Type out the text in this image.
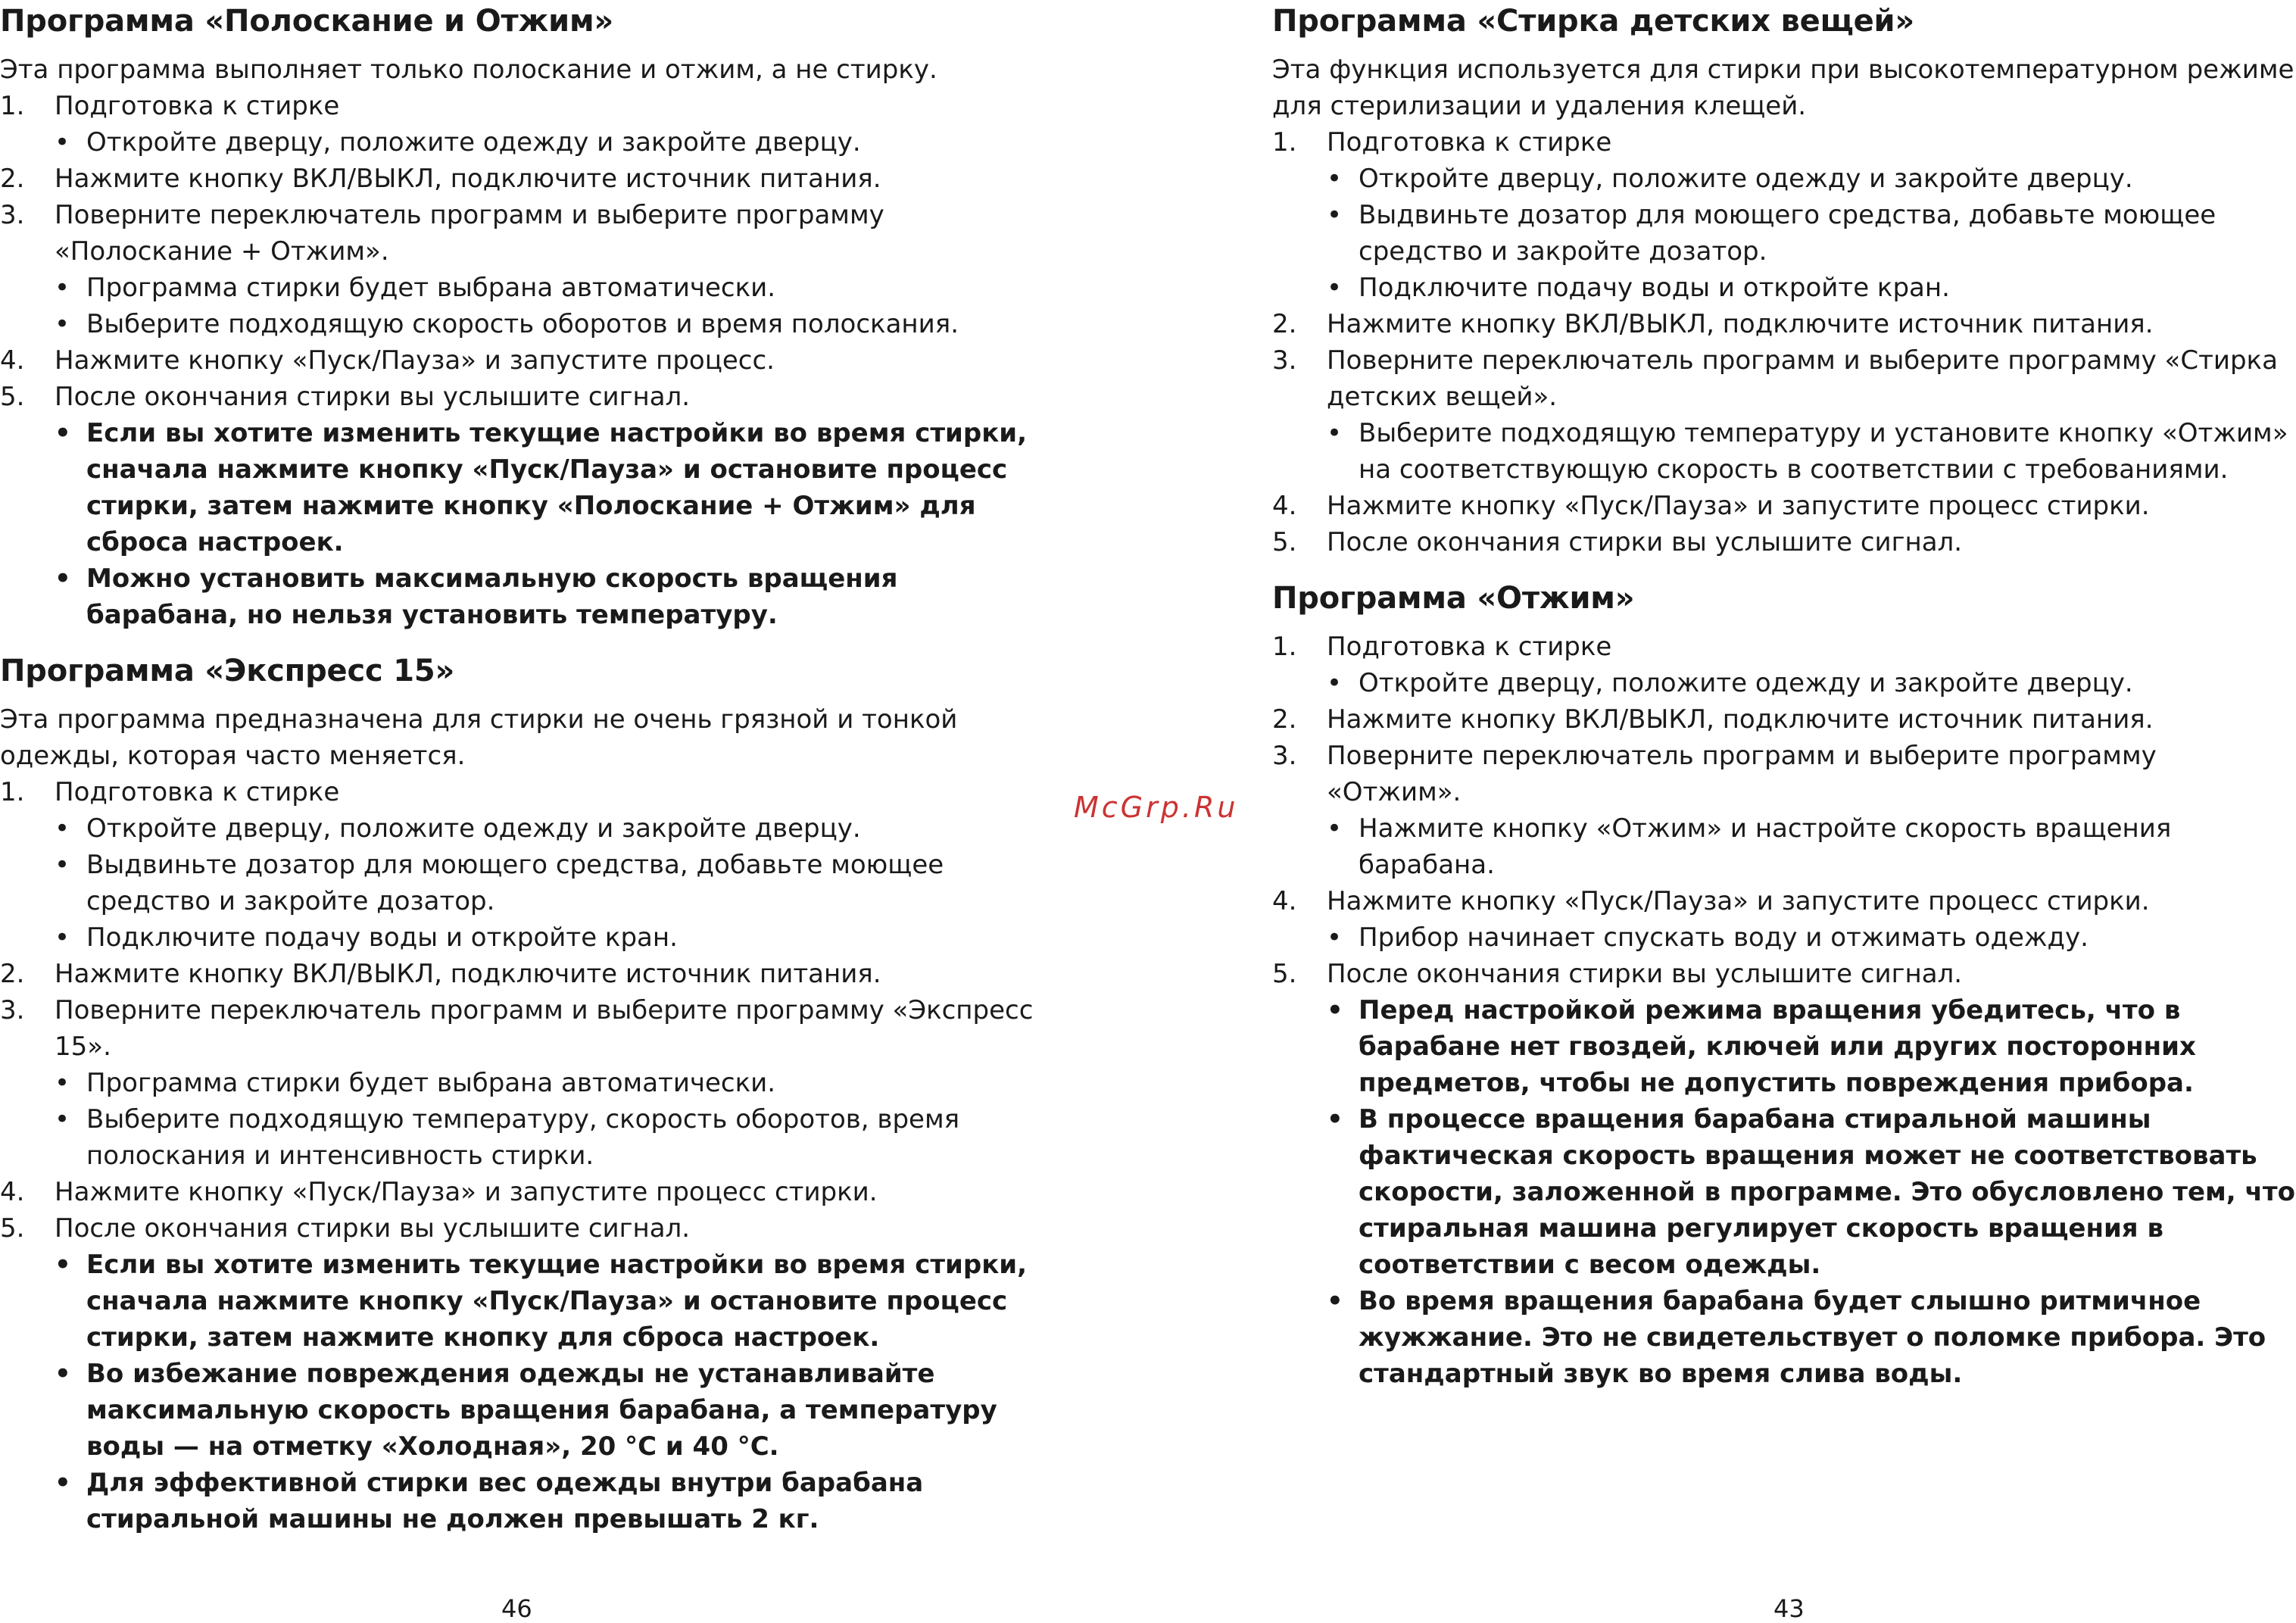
Программа «Полоскание и Отжим»

Эта программа выполняет только полоскание и отжим, а не стирку.

1.	Подготовка к стирке
• Откройте дверцу, положите одежду и закройте дверцу.
2.	Нажмите кнопку ВКЛ/ВЫКЛ, подключите источник питания.
3.	Поверните переключатель программ и выберите программу «Полоскание + Отжим».
• Программа стирки будет выбрана автоматически.
• Выберите подходящую скорость оборотов и время полоскания.
4.	Нажмите кнопку «Пуск/Пауза» и запустите процесс.
5.	После окончания стирки вы услышите сигнал.
• Если вы хотите изменить текущие настройки во время стирки, сначала нажмите кнопку «Пуск/Пауза» и остановите процесс стирки, затем нажмите кнопку «Полоскание + Отжим» для сброса настроек.
• Можно установить максимальную скорость вращения барабана, но нельзя установить температуру.
Программа «Экспресс 15»

Эта программа предназначена для стирки не очень грязной и тонкой одежды, которая часто меняется.

1.	Подготовка к стирке
• Откройте дверцу, положите одежду и закройте дверцу.
• Выдвиньте дозатор для моющего средства, добавьте моющее средство и закройте дозатор.
• Подключите подачу воды и откройте кран.
2.	Нажмите кнопку ВКЛ/ВЫКЛ, подключите источник питания.
3.	Поверните переключатель программ и выберите программу «Экспресс 15».
• Программа стирки будет выбрана автоматически.
• Выберите подходящую температуру, скорость оборотов, время полоскания и интенсивность стирки.
4.	Нажмите кнопку «Пуск/Пауза» и запустите процесс стирки.
5.	После окончания стирки вы услышите сигнал.
• Если вы хотите изменить текущие настройки во время стирки, сначала нажмите кнопку «Пуск/Пауза» и остановите процесс стирки, затем нажмите кнопку для сброса настроек.
• Во избежание повреждения одежды не устанавливайте максимальную скорость вращения барабана, а температуру воды — на отметку «Холодная», 20 °С и 40 °С.
• Для эффективной стирки вес одежды внутри барабана стиральной машины не должен превышать 2 кг.
Программа «Стирка детских вещей»

Эта функция используется для стирки при высокотемпературном режиме для стерилизации и удаления клещей.

1.	Подготовка к стирке
• Откройте дверцу, положите одежду и закройте дверцу.
• Выдвиньте дозатор для моющего средства, добавьте моющее средство и закройте дозатор.
• Подключите подачу воды и откройте кран.
2.	Нажмите кнопку ВКЛ/ВЫКЛ, подключите источник питания.
3.	Поверните переключатель программ и выберите программу «Стирка детских вещей».
• Выберите подходящую температуру и установите кнопку «Отжим» на соответствующую скорость в соответствии с требованиями.
4.	Нажмите кнопку «Пуск/Пауза» и запустите процесс стирки.
5.	После окончания стирки вы услышите сигнал.
Программа «Отжим»
1.	Подготовка к стирке
• Откройте дверцу, положите одежду и закройте дверцу.
2.	Нажмите кнопку ВКЛ/ВЫКЛ, подключите источник питания.
3.	Поверните переключатель программ и выберите программу «Отжим».
• Нажмите кнопку «Отжим» и настройте скорость вращения барабана.
4.	Нажмите кнопку «Пуск/Пауза» и запустите процесс стирки.
• Прибор начинает спускать воду и отжимать одежду.
5.	После окончания стирки вы услышите сигнал.
• Перед настройкой режима вращения убедитесь, что в барабане нет гвоздей, ключей или других посторонних предметов, чтобы не допустить повреждения прибора.
• В процессе вращения барабана стиральной машины фактическая скорость вращения может не соответствовать скорости, заложенной в программе. Это обусловлено тем, что стиральная машина регулирует скорость вращения в соответствии с весом одежды.
• Во время вращения барабана будет слышно ритмичное жужжание. Это не свидетельствует о поломке прибора. Это стандартный звук во время слива воды.
McGrp.Ru
46	43
